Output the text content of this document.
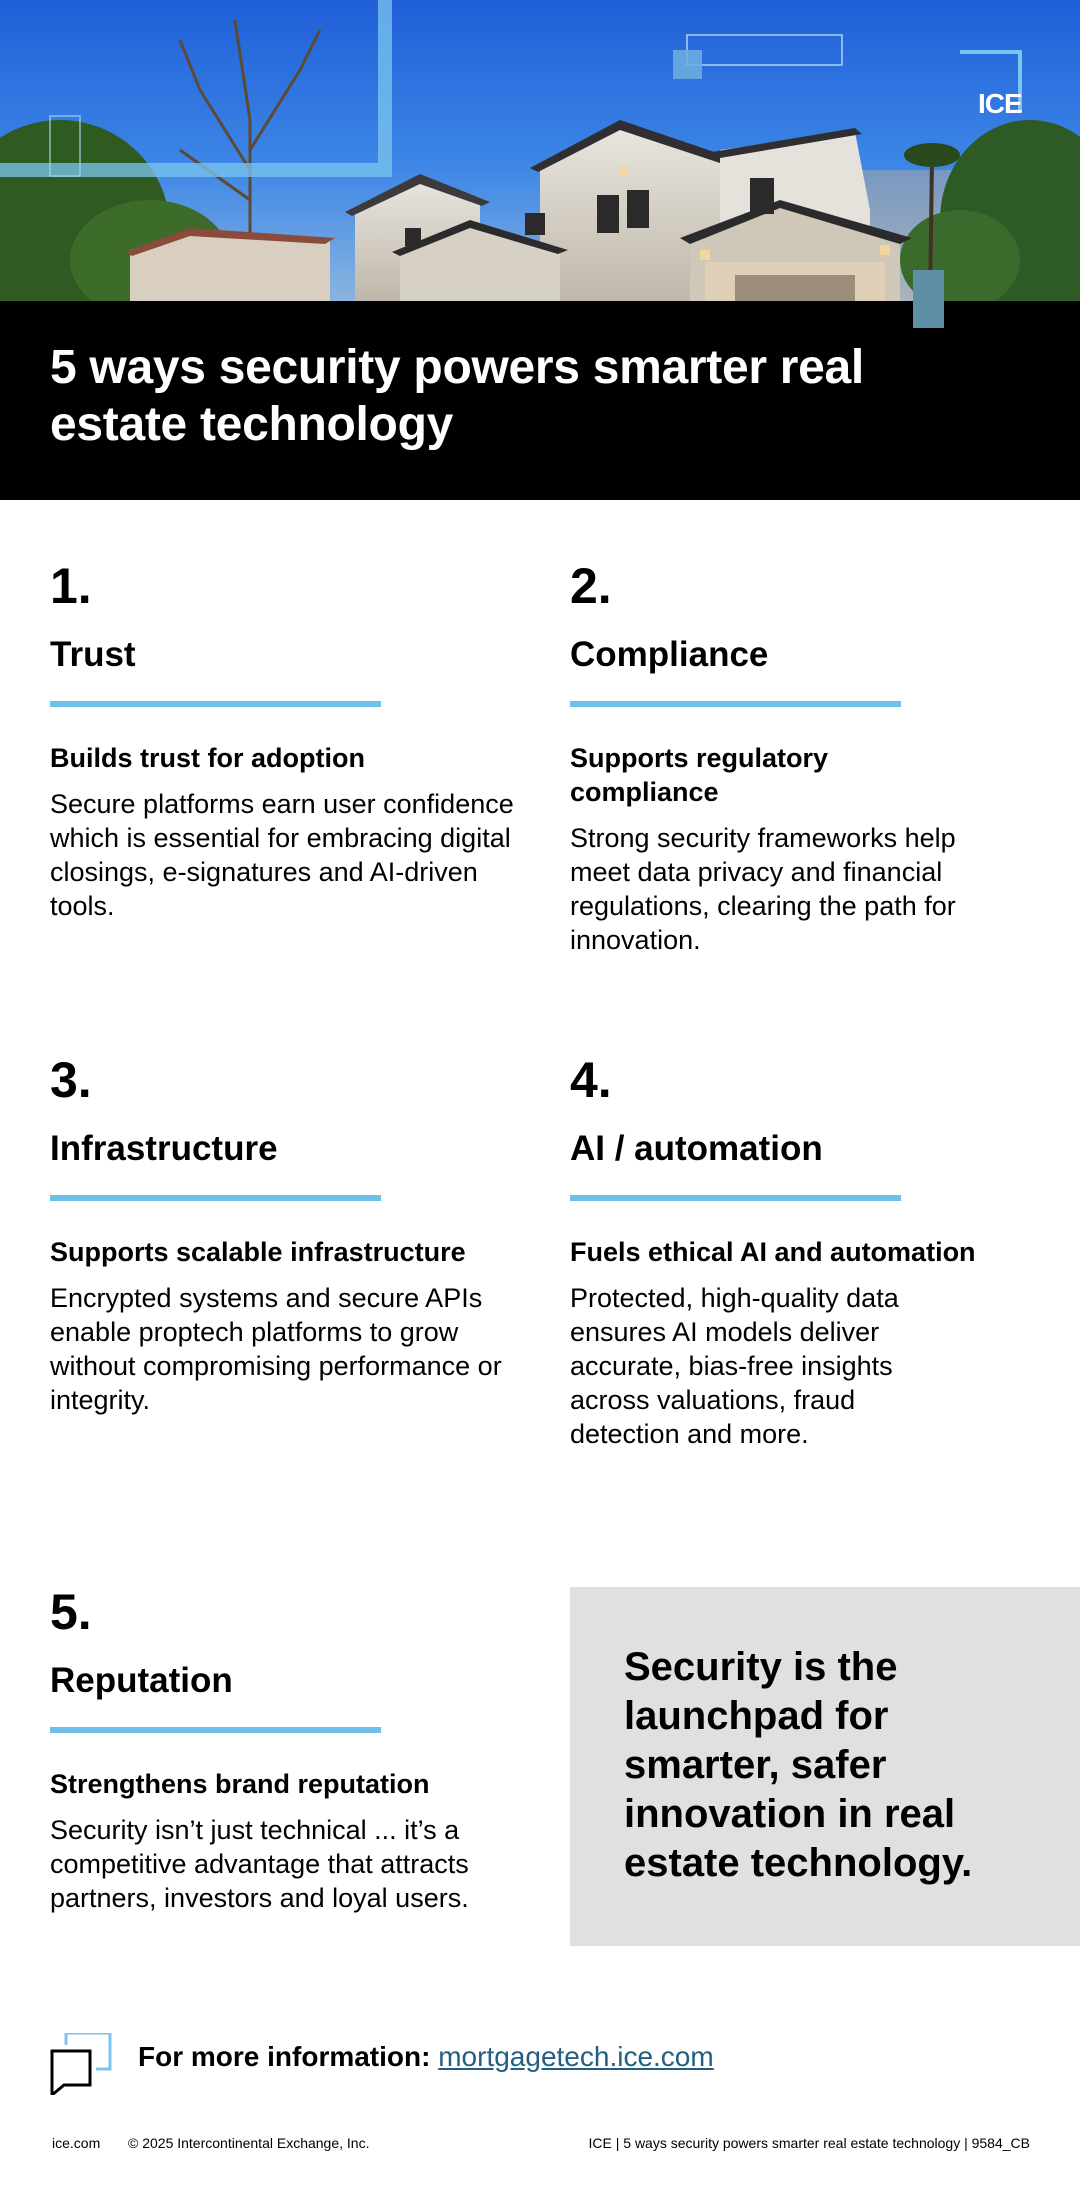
ICE
5 ways security powers smarter real estate technology
1.
Trust
Builds trust for adoption
Secure platforms earn user confidence which is essential for embracing digital closings, e-signatures and AI-driven tools.
2.
Compliance
Supports regulatory compliance
Strong security frameworks help meet data privacy and financial regulations, clearing the path for innovation.
3.
Infrastructure
Supports scalable infrastructure
Encrypted systems and secure APIs enable proptech platforms to grow without compromising performance or integrity.
4.
AI / automation
Fuels ethical AI and automation
Protected, high-quality data ensures AI models deliver accurate, bias-free insights across valuations, fraud detection and more.
5.
Reputation
Strengthens brand reputation
Security isn’t just technical ... it’s a competitive advantage that attracts partners, investors and loyal users.

Security is the launchpad for smarter, safer innovation in real estate technology.

For more information: mortgagetech.ice.com
ice.com © 2025 Intercontinental Exchange, Inc.	ICE | 5 ways security powers smarter real estate technology | 9584_CB
